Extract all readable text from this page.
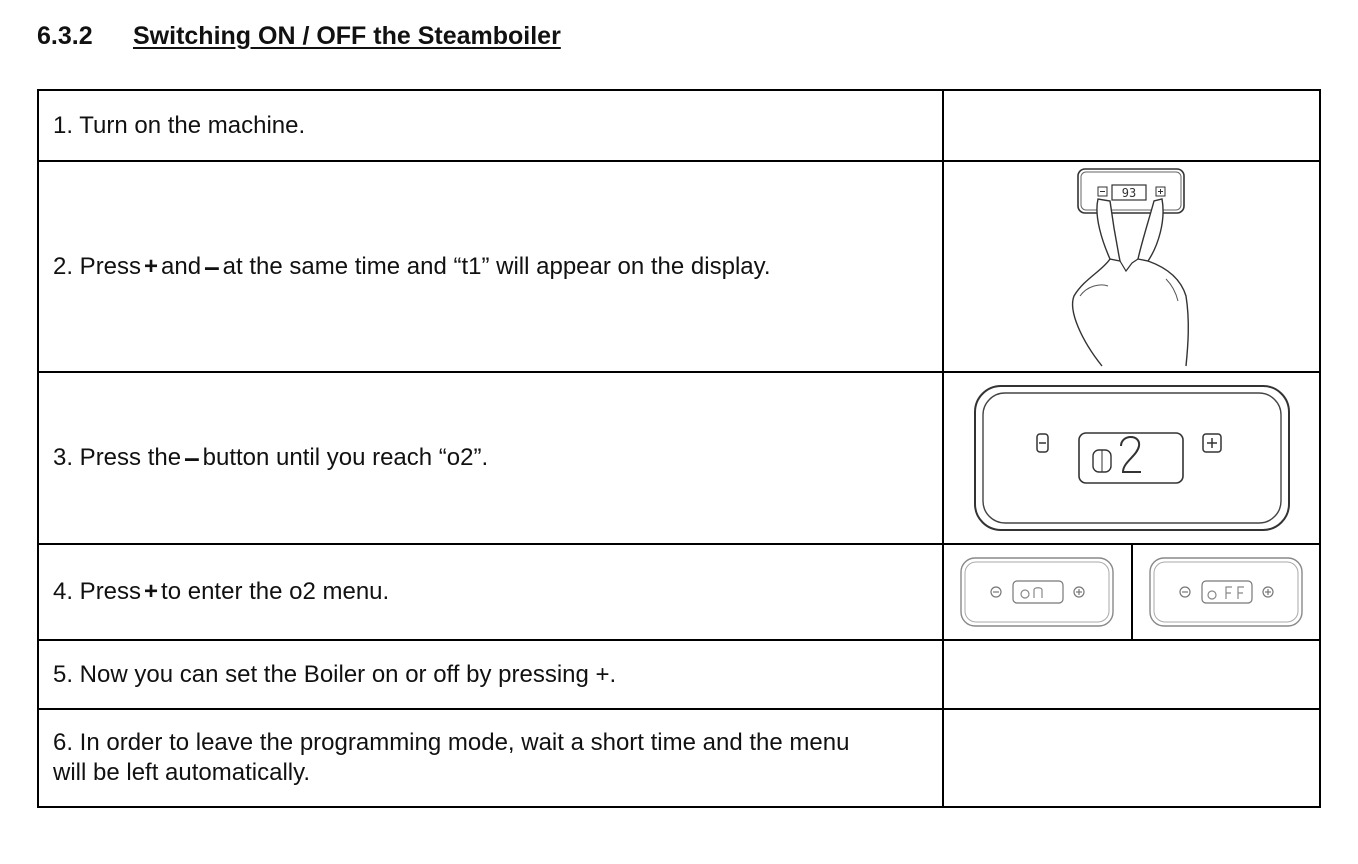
6.3.2	Switching ON / OFF the Steamboiler
1. Turn on the machine.
2. Press + and – at the same time and “t1” will appear on the display.
93
3. Press the – button until you reach “o2”.
4. Press + to enter the o2 menu.
5. Now you can set the Boiler on or off by pressing +.
6. In order to leave the programming mode, wait a short time and the menu will be left automatically.
